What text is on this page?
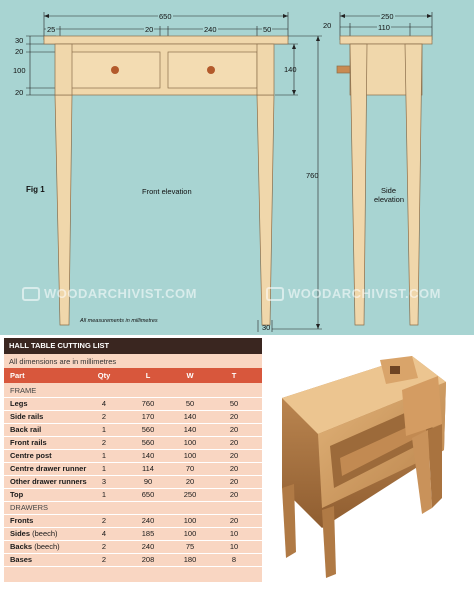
650
25	20	240	50
30
20
100
20
140
760
30
250
20	110
Fig 1	Front elevation	Side
elevation
All measurements in millimetres
WOODARCHIVIST.COM	WOODARCHIVIST.COM
HALL TABLE CUTTING LIST
All dimensions are in millimetres
Part	Qty	L	W	T
FRAME
Legs	4	760	50	50
Side rails	2	170	140	20
Back rail	1	560	140	20
Front rails	2	560	100	20
Centre post	1	140	100	20
Centre drawer runner	1	114	70	20
Other drawer runners	3	90	20	20
Top	1	650	250	20
DRAWERS
Fronts	2	240	100	20
Sides (beech)	4	185	100	10
Backs (beech)	2	240	75	10
Bases	2	208	180	8
